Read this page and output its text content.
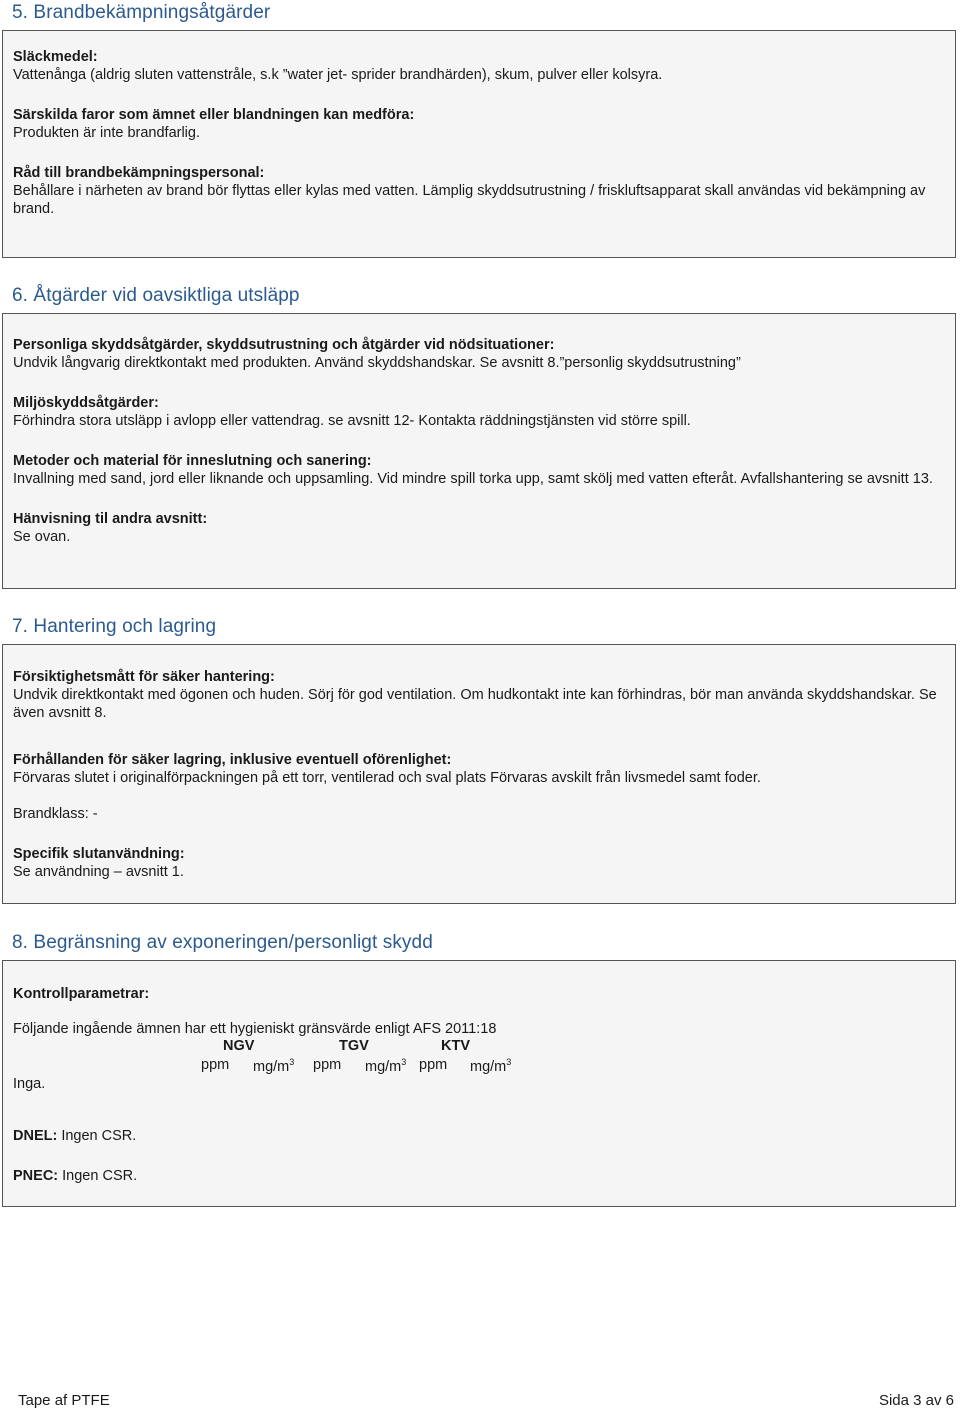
5. Brandbekämpningsåtgärder
Släckmedel:
Vattenånga (aldrig sluten vattenstråle, s.k ”water jet- sprider brandhärden), skum, pulver eller kolsyra.
Särskilda faror som ämnet eller blandningen kan medföra:
Produkten är inte brandfarlig.
Råd till brandbekämpningspersonal:
Behållare i närheten av brand bör flyttas eller kylas med vatten. Lämplig skyddsutrustning / friskluftsapparat skall användas vid bekämpning av brand.
6. Åtgärder vid oavsiktliga utsläpp
Personliga skyddsåtgärder, skyddsutrustning och åtgärder vid nödsituationer:
Undvik långvarig direktkontakt med produkten. Använd skyddshandskar. Se avsnitt 8.”personlig skyddsutrustning”
Miljöskyddsåtgärder:
Förhindra stora utsläpp i avlopp eller vattendrag. se avsnitt 12- Kontakta räddningstjänsten vid större spill.
Metoder och material för inneslutning och sanering:
Invallning med sand, jord eller liknande och uppsamling. Vid mindre spill torka upp, samt skölj med vatten efteråt. Avfallshantering se avsnitt 13.
Hänvisning til andra avsnitt:
Se ovan.
7. Hantering och lagring
Försiktighetsmått för säker hantering:
Undvik direktkontakt med ögonen och huden. Sörj för god ventilation. Om hudkontakt inte kan förhindras, bör man använda skyddshandskar. Se även avsnitt 8.
Förhållanden för säker lagring, inklusive eventuell oförenlighet:
Förvaras slutet i originalförpackningen på ett torr, ventilerad och sval plats Förvaras avskilt från livsmedel samt foder.
Brandklass: -
Specifik slutanvändning:
Se användning – avsnitt 1.
8. Begränsning av exponeringen/personligt skydd
Kontrollparametrar:
Följande ingående ämnen har ett hygieniskt gränsvärde enligt AFS 2011:18
NGV	TGV	KTV
ppm $mg/m^3$ ppm $mg/m^3$ ppm $mg/m^3$
Inga.
DNEL: Ingen CSR.
PNEC: Ingen CSR.
Tape af PTFE	Sida 3 av 6
